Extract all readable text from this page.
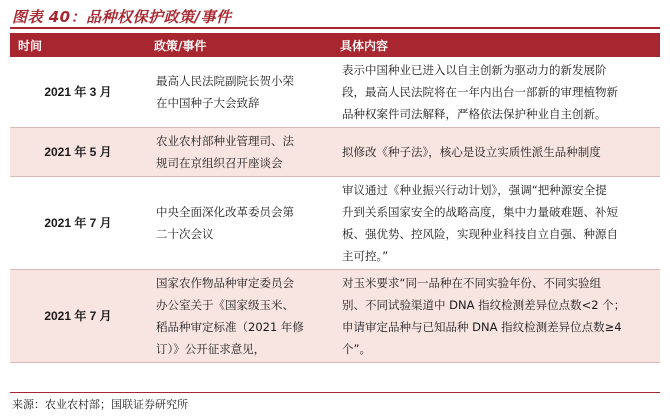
图表 40：品种权保护政策/事件
时间	政策/事件	具体内容
2021 年 3 月	最高人民法院副院长贺小荣
在中国种子大会致辞	表示中国种业已进入以自主创新为驱动力的新发展阶
段，最高人民法院将在一年内出台一部新的审理植物新
品种权案件司法解释，严格依法保护种业自主创新。

2021 年 5 月	农业农村部种业管理司、法
规司在京组织召开座谈会	拟修改《种子法》，核心是设立实质性派生品种制度

2021 年 7 月	中央全面深化改革委员会第
二十次会议	审议通过《种业振兴行动计划》，强调“把种源安全提
升到关系国家安全的战略高度，集中力量破难题、补短
板、强优势、控风险，实现种业科技自立自强、种源自
主可控。”

2021 年 7 月	国家农作物品种审定委员会
办公室关于《国家级玉米、
稻品种审定标准（2021 年修
订）》公开征求意见，	对玉米要求“同一品种在不同实验年份、不同实验组
别、不同试验渠道中 DNA 指纹检测差异位点数<2 个；
申请审定品种与已知品种 DNA 指纹检测差异位点数≥4
个”。
来源：农业农村部；国联证券研究所
